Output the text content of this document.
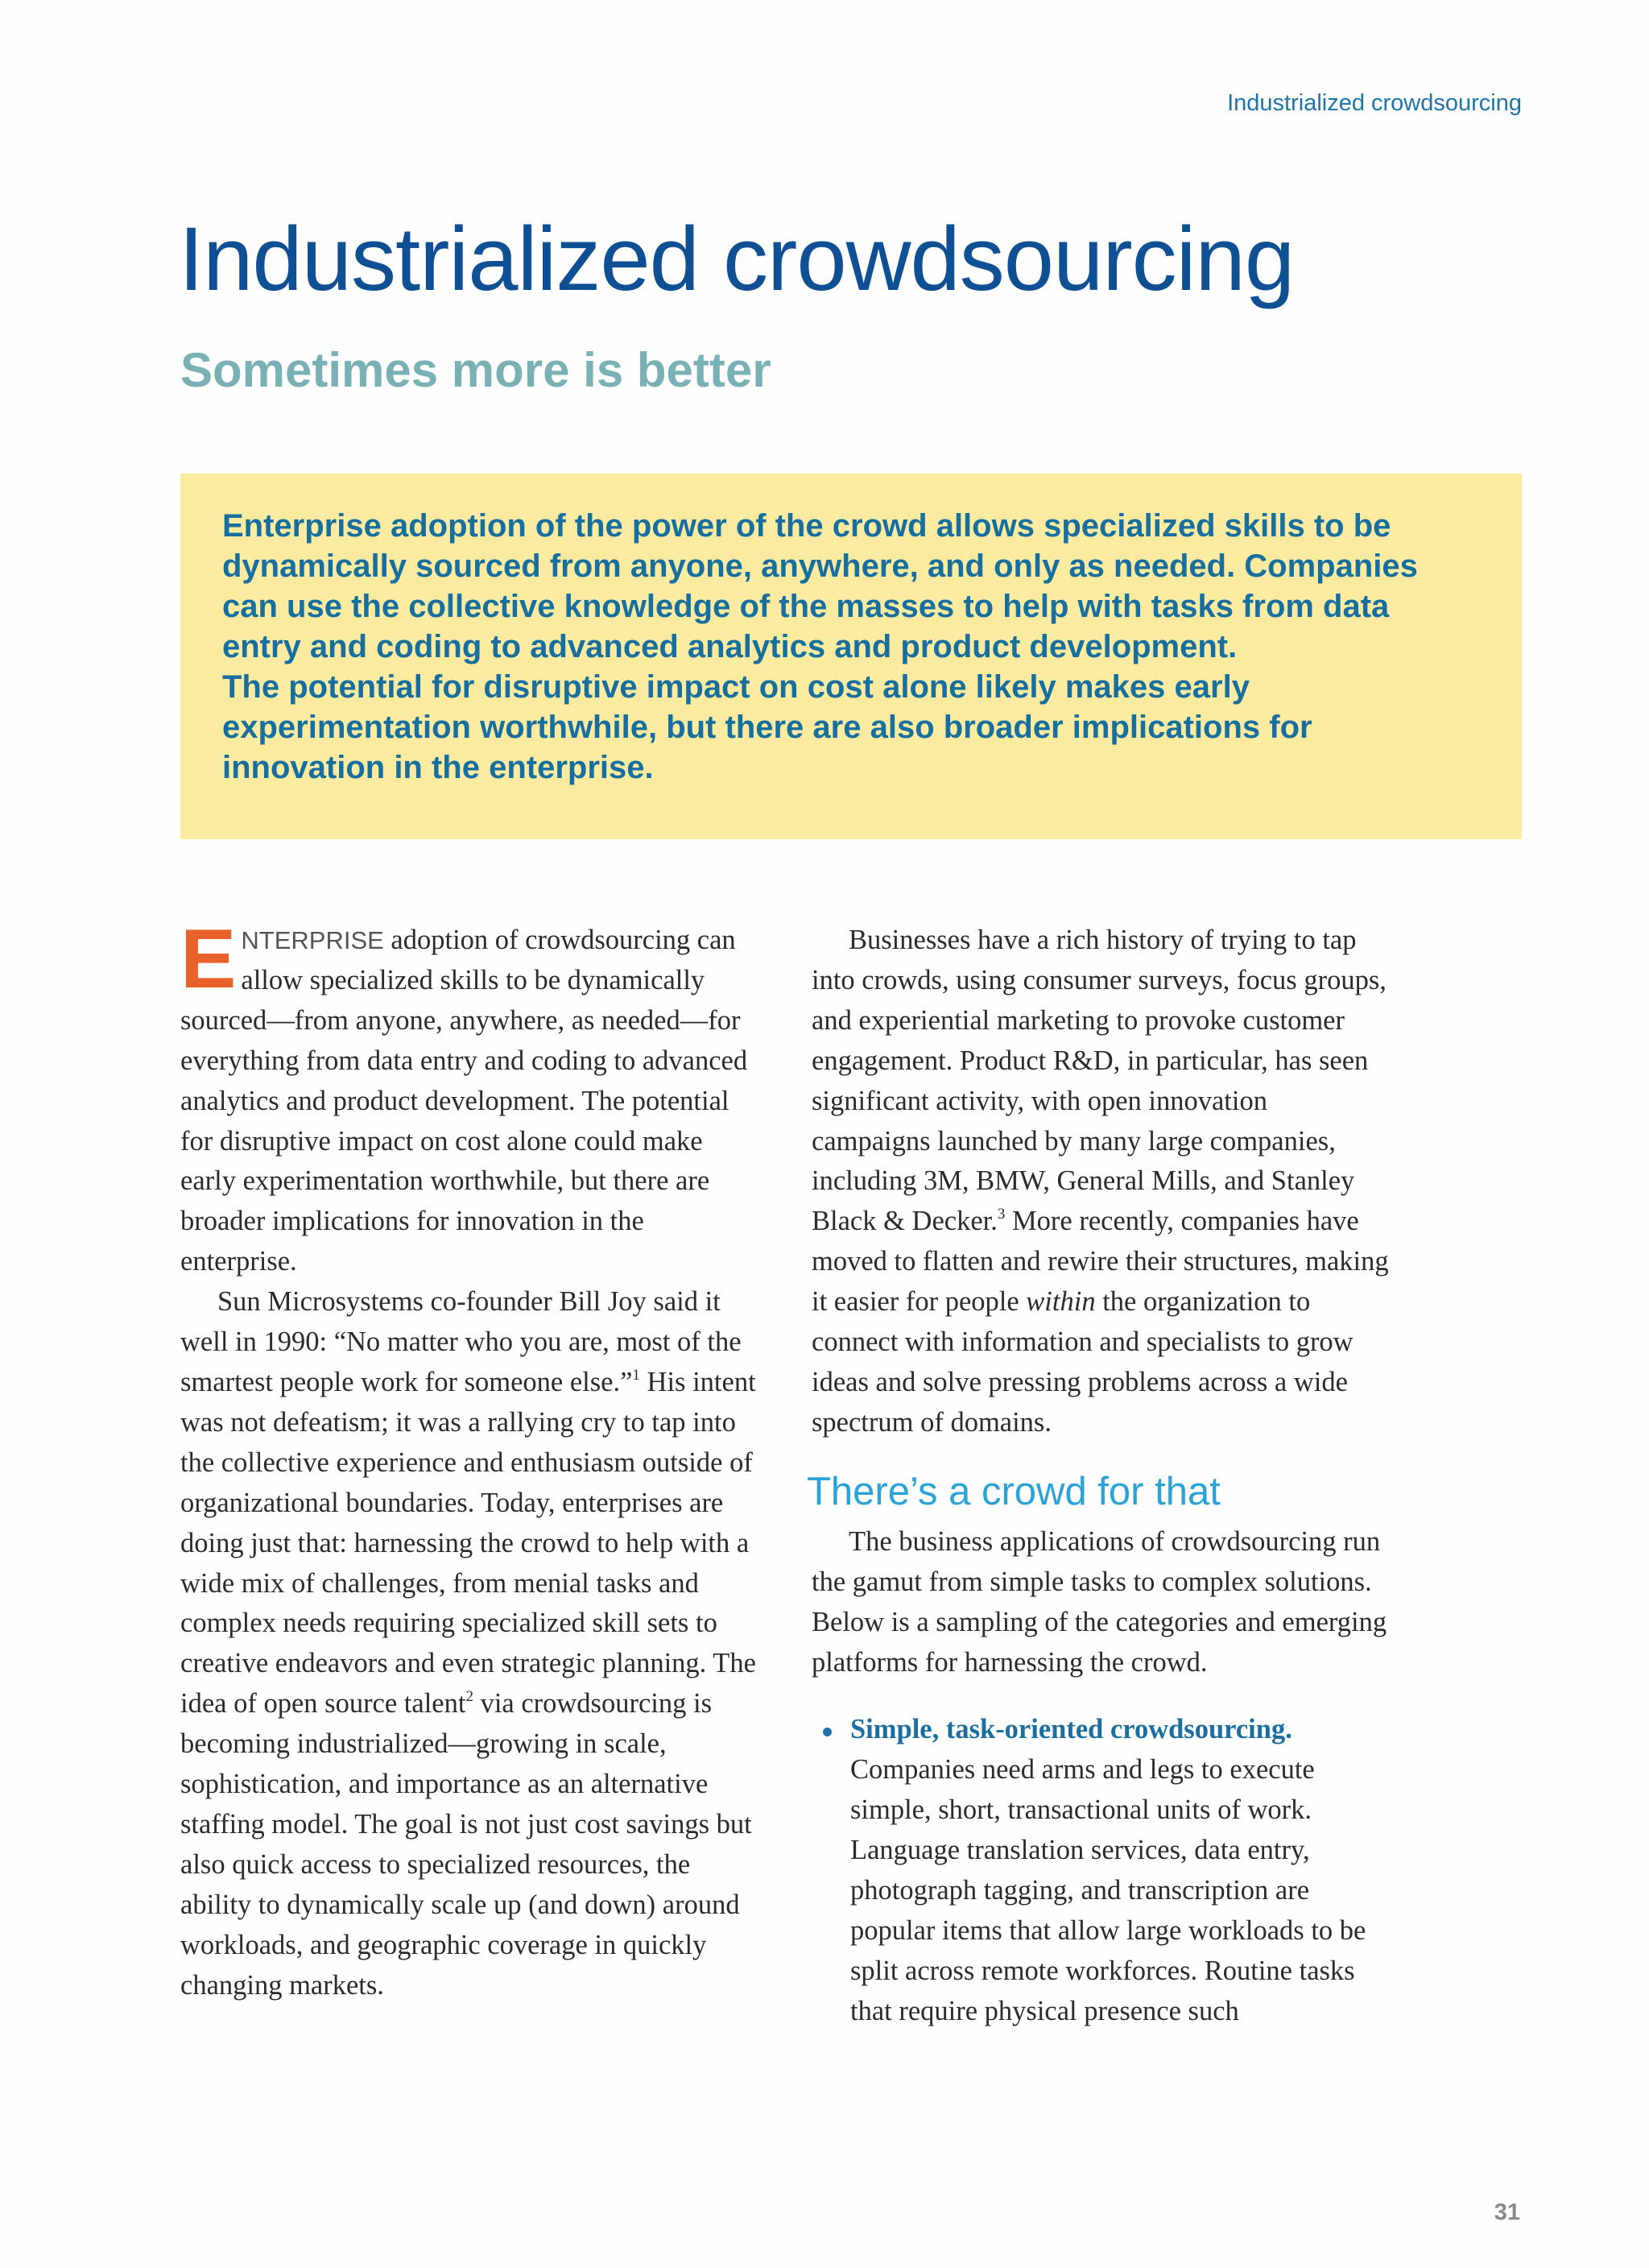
Industrialized crowdsourcing
Industrialized crowdsourcing
Sometimes more is better

Enterprise adoption of the power of the crowd allows specialized skills to be dynamically sourced from anyone, anywhere, and only as needed. Companies can use the collective knowledge of the masses to help with tasks from data entry and coding to advanced analytics and product development.

The potential for disruptive impact on cost alone likely makes early experimentation worthwhile, but there are also broader implications for innovation in the enterprise.

ENTERPRISE adoption of crowdsourcing can allow specialized skills to be dynamically sourced—from anyone, anywhere, as needed—for everything from data entry and coding to advanced analytics and product development. The potential for disruptive impact on cost alone could make early experimentation worthwhile, but there are broader implications for innovation in the enterprise.

Sun Microsystems co-founder Bill Joy said it well in 1990: “No matter who you are, most of the smartest people work for someone else.”$^1$ His intent was not defeatism; it was a rallying cry to tap into the collective experience and enthusiasm outside of organizational boundaries. Today, enterprises are doing just that: harnessing the crowd to help with a wide mix of challenges, from menial tasks and complex needs requiring specialized skill sets to creative endeavors and even strategic planning. The idea of open source talent$^2$ via crowdsourcing is becoming industrialized—growing in scale, sophistication, and importance as an alternative staffing model. The goal is not just cost savings but also quick access to specialized resources, the ability to dynamically scale up (and down) around workloads, and geographic coverage in quickly changing markets.

Businesses have a rich history of trying to tap into crowds, using consumer surveys, focus groups, and experiential marketing to provoke customer engagement. Product R&D, in particular, has seen significant activity, with open innovation campaigns launched by many large companies, including 3M, BMW, General Mills, and Stanley Black & Decker.$^3$ More recently, companies have moved to flatten and rewire their structures, making it easier for people within the organization to connect with information and specialists to grow ideas and solve pressing problems across a wide spectrum of domains.

There’s a crowd for that

The business applications of crowdsourcing run the gamut from simple tasks to complex solutions. Below is a sampling of the categories and emerging platforms for harnessing the crowd.

Simple, task-oriented crowdsourcing.
Companies need arms and legs to execute simple, short, transactional units of work. Language translation services, data entry, photograph tagging, and transcription are popular items that allow large workloads to be split across remote workforces. Routine tasks that require physical presence such
31
